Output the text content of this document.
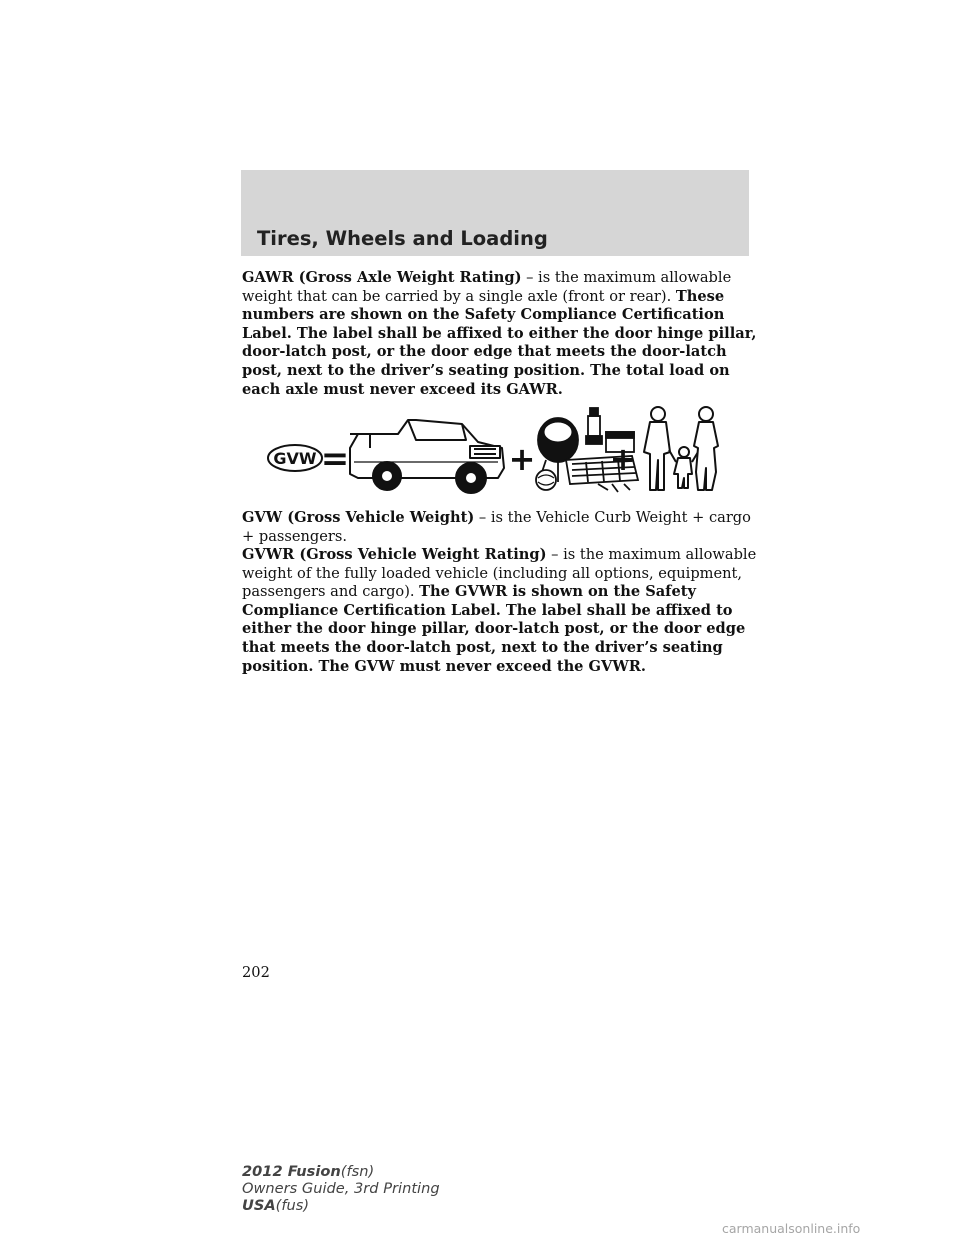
Tires, Wheels and Loading
GAWR (Gross Axle Weight Rating) – is the maximum allowable weight that can be carried by a single axle (front or rear). These numbers are shown on the Safety Compliance Certification Label. The label shall be affixed to either the door hinge pillar, door-latch post, or the door edge that meets the door-latch post, next to the driver’s seating position. The total load on each axle must never exceed its GAWR.
GVW =	+ +
GVW (Gross Vehicle Weight) – is the Vehicle Curb Weight + cargo + passengers.
GVWR (Gross Vehicle Weight Rating) – is the maximum allowable weight of the fully loaded vehicle (including all options, equipment, passengers and cargo). The GVWR is shown on the Safety Compliance Certification Label. The label shall be affixed to either the door hinge pillar, door-latch post, or the door edge that meets the door-latch post, next to the driver’s seating position. The GVW must never exceed the GVWR.
202
2012 Fusion(fsn)
Owners Guide, 3rd Printing
USA(fus)
carmanualsonline.info
